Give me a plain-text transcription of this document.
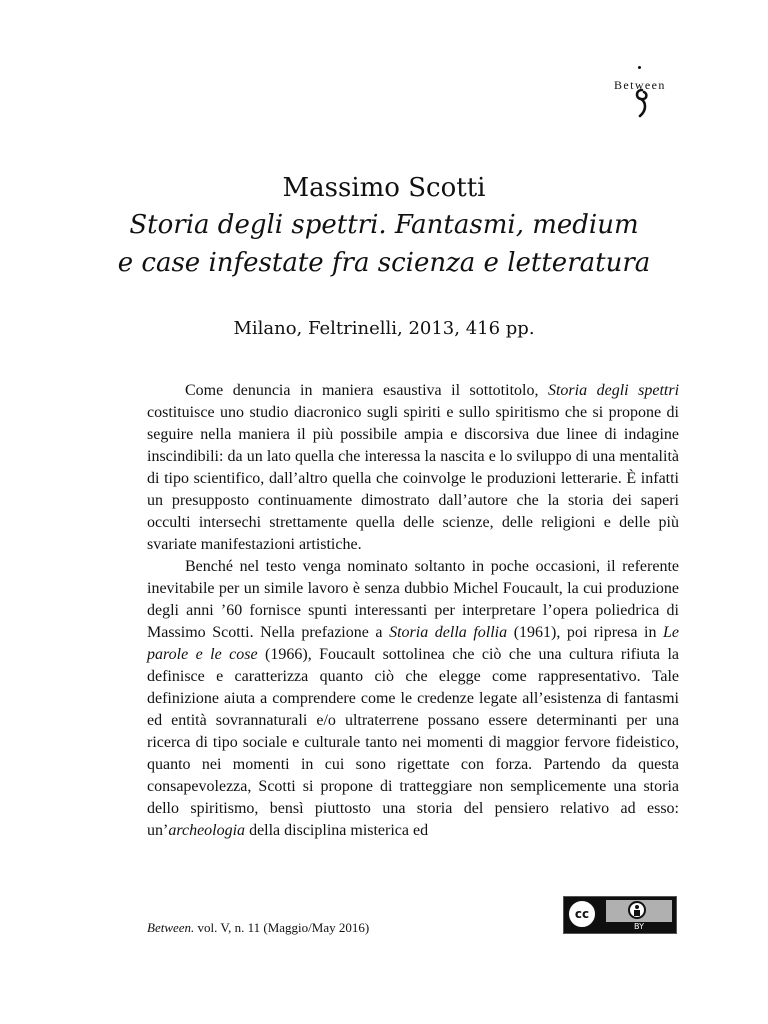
Between
Massimo Scotti
Storia degli spettri. Fantasmi, medium
e case infestate fra scienza e letteratura
Milano, Feltrinelli, 2013, 416 pp.

Come denuncia in maniera esaustiva il sottotitolo, Storia degli spettri costituisce uno studio diacronico sugli spiriti e sullo spiritismo che si propone di seguire nella maniera il più possibile ampia e discorsiva due linee di indagine inscindibili: da un lato quella che interessa la nascita e lo sviluppo di una mentalità di tipo scientifico, dall’altro quella che coinvolge le produzioni letterarie. È infatti un presupposto continuamente dimostrato dall’autore che la storia dei saperi occulti intersechi strettamente quella delle scienze, delle religioni e delle più svariate manifestazioni artistiche.

Benché nel testo venga nominato soltanto in poche occasioni, il referente inevitabile per un simile lavoro è senza dubbio Michel Foucault, la cui produzione degli anni ’60 fornisce spunti interessanti per interpretare l’opera poliedrica di Massimo Scotti. Nella prefazione a Storia della follia (1961), poi ripresa in Le parole e le cose (1966), Foucault sottolinea che ciò che una cultura rifiuta la definisce e caratterizza quanto ciò che elegge come rappresentativo. Tale definizione aiuta a comprendere come le credenze legate all’esistenza di fantasmi ed entità sovrannaturali e/o ultraterrene possano essere determinanti per una ricerca di tipo sociale e culturale tanto nei momenti di maggior fervore fideistico, quanto nei momenti in cui sono rigettate con forza. Partendo da questa consapevolezza, Scotti si propone di tratteggiare non semplicemente una storia dello spiritismo, bensì piuttosto una storia del pensiero relativo ad esso: un’archeologia della disciplina misterica ed

Between. vol. V, n. 11 (Maggio/May 2016)
cc
BY
